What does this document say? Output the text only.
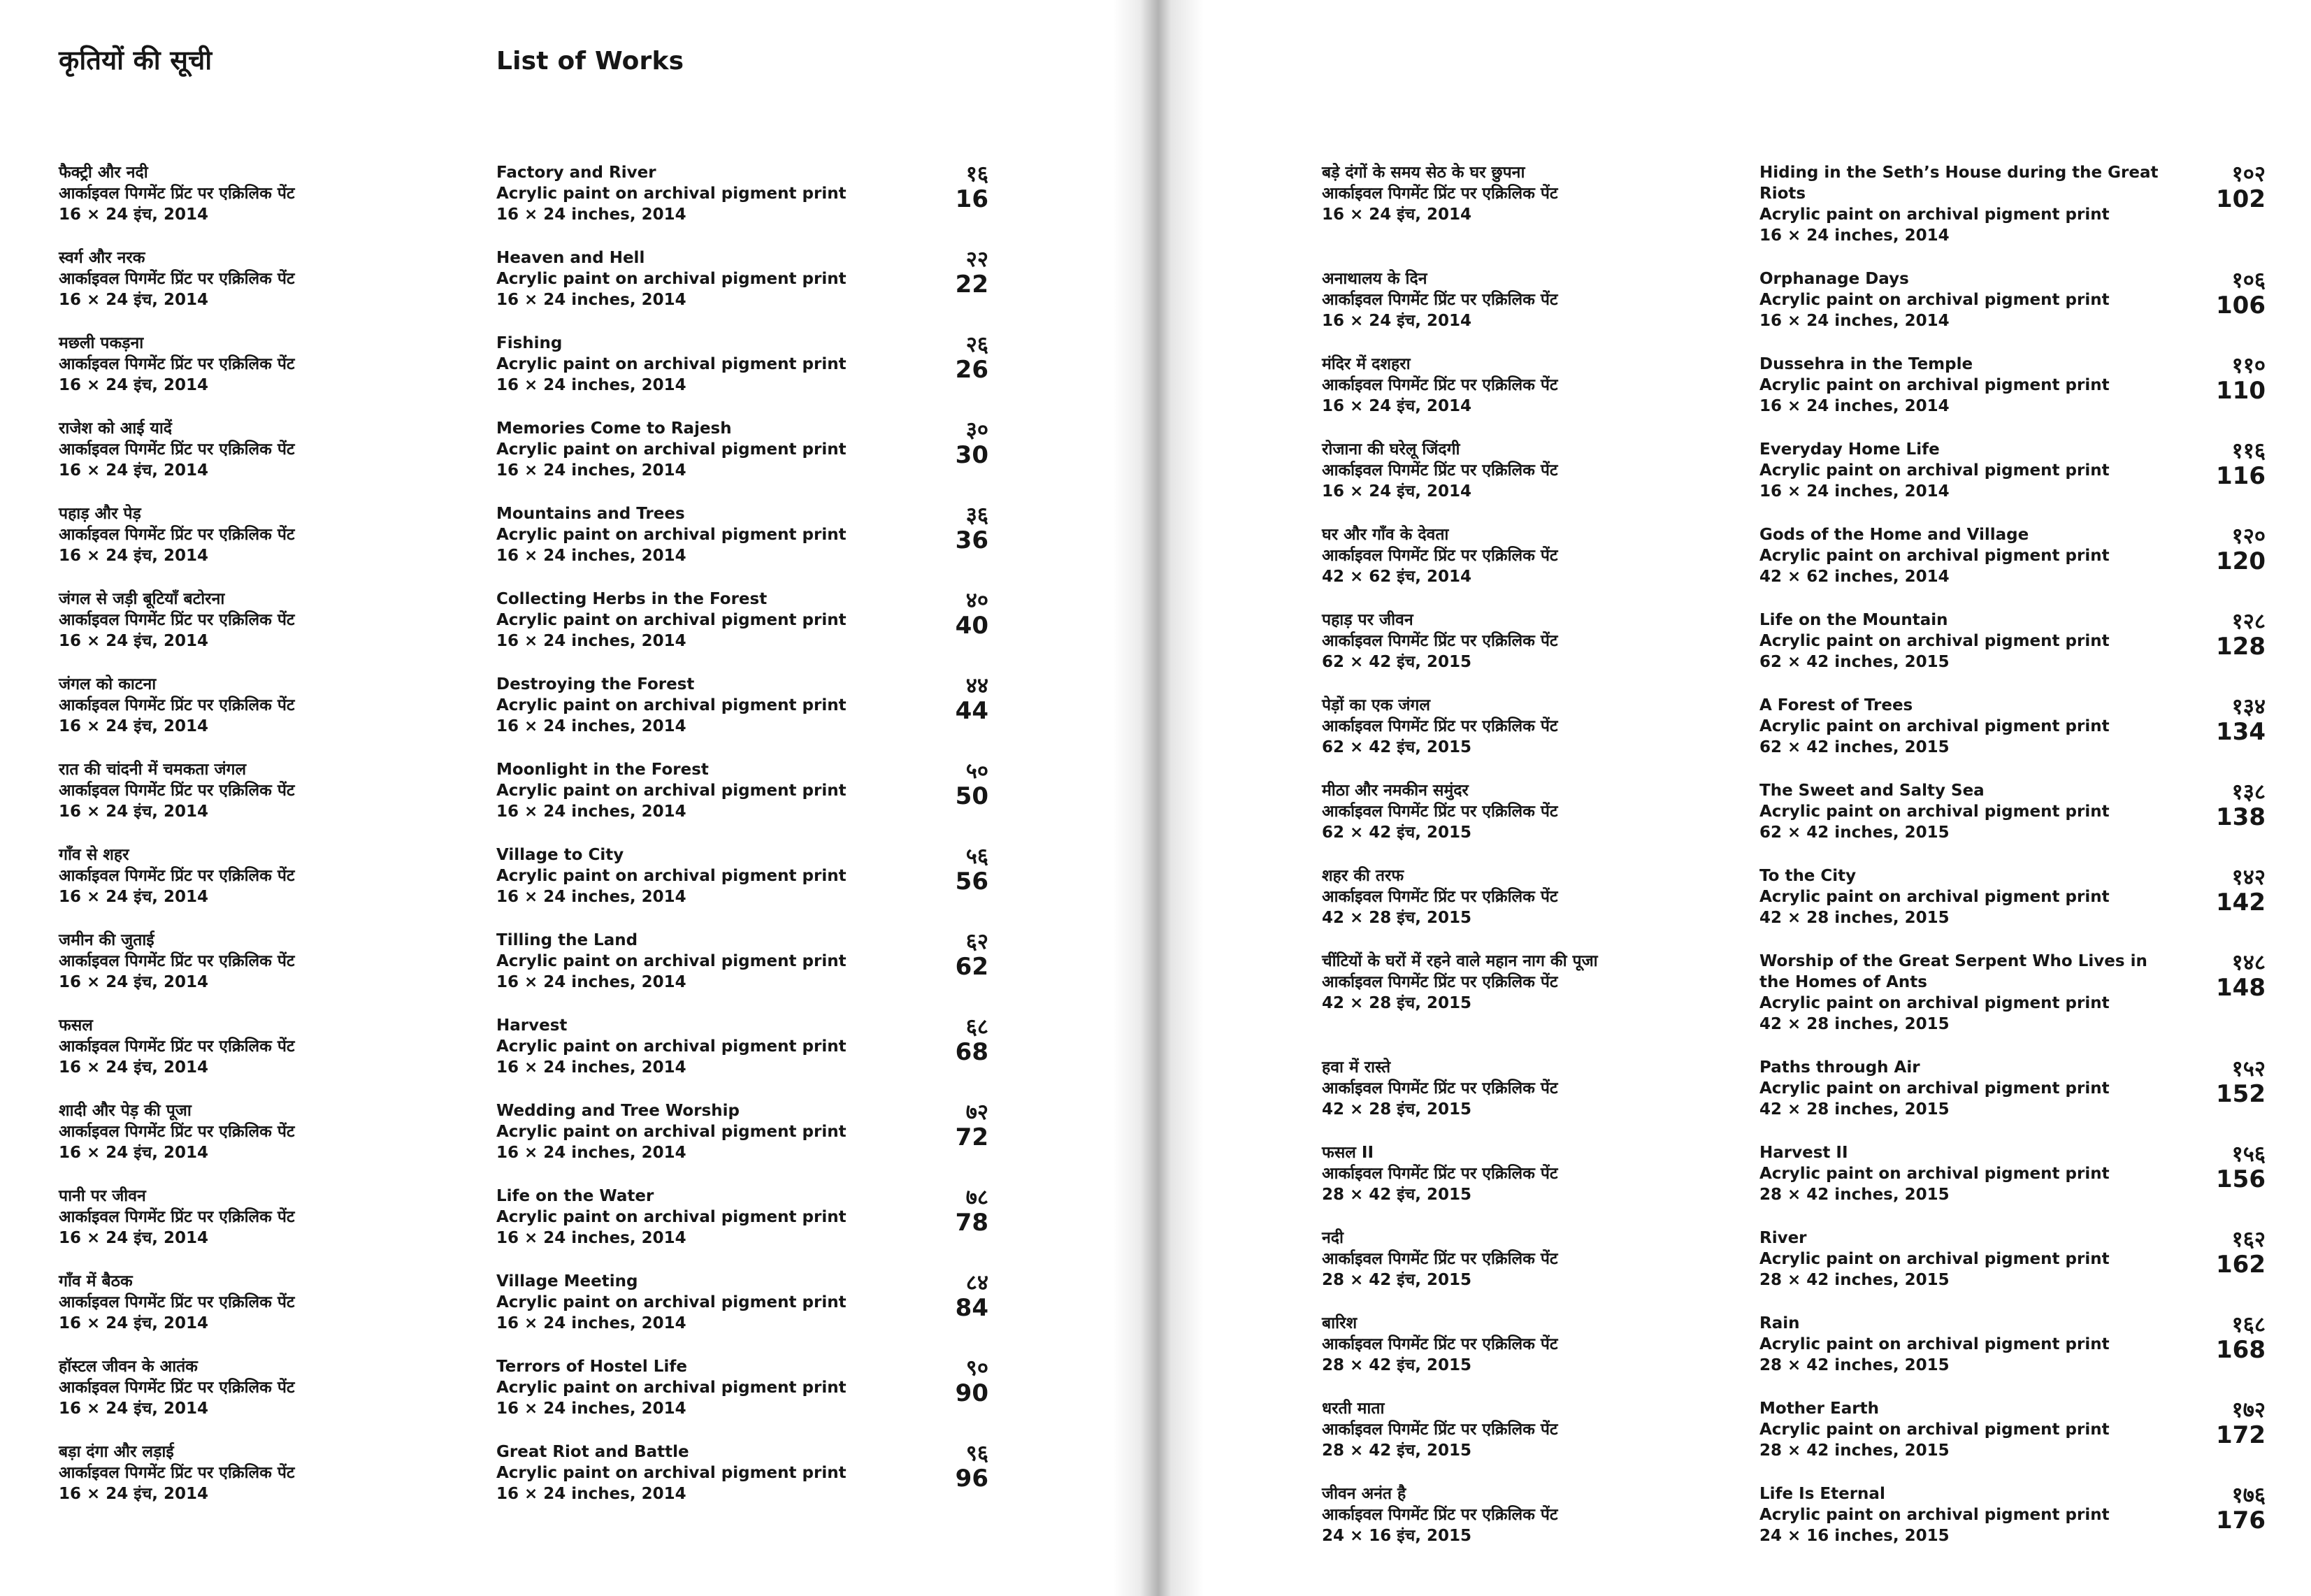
कृतियों की सूची	List of Works
फैक्ट्री और नदी
आर्काइवल पिगमेंट प्रिंट पर एक्रिलिक पेंट
16 × 24 इंच, 2014
Factory and River
Acrylic paint on archival pigment print
16 × 24 inches, 2014
१६
16
स्वर्ग और नरक
आर्काइवल पिगमेंट प्रिंट पर एक्रिलिक पेंट
16 × 24 इंच, 2014
Heaven and Hell
Acrylic paint on archival pigment print
16 × 24 inches, 2014
२२
22
मछली पकड़ना
आर्काइवल पिगमेंट प्रिंट पर एक्रिलिक पेंट
16 × 24 इंच, 2014
Fishing
Acrylic paint on archival pigment print
16 × 24 inches, 2014
२६
26
राजेश को आई यादें
आर्काइवल पिगमेंट प्रिंट पर एक्रिलिक पेंट
16 × 24 इंच, 2014
Memories Come to Rajesh
Acrylic paint on archival pigment print
16 × 24 inches, 2014
३०
30
पहाड़ और पेड़
आर्काइवल पिगमेंट प्रिंट पर एक्रिलिक पेंट
16 × 24 इंच, 2014
Mountains and Trees
Acrylic paint on archival pigment print
16 × 24 inches, 2014
३६
36
जंगल से जड़ी बूटियाँ बटोरना
आर्काइवल पिगमेंट प्रिंट पर एक्रिलिक पेंट
16 × 24 इंच, 2014
Collecting Herbs in the Forest
Acrylic paint on archival pigment print
16 × 24 inches, 2014
४०
40
जंगल को काटना
आर्काइवल पिगमेंट प्रिंट पर एक्रिलिक पेंट
16 × 24 इंच, 2014
Destroying the Forest
Acrylic paint on archival pigment print
16 × 24 inches, 2014
४४
44
रात की चांदनी में चमकता जंगल
आर्काइवल पिगमेंट प्रिंट पर एक्रिलिक पेंट
16 × 24 इंच, 2014
Moonlight in the Forest
Acrylic paint on archival pigment print
16 × 24 inches, 2014
५०
50
गाँव से शहर
आर्काइवल पिगमेंट प्रिंट पर एक्रिलिक पेंट
16 × 24 इंच, 2014
Village to City
Acrylic paint on archival pigment print
16 × 24 inches, 2014
५६
56
जमीन की जुताई
आर्काइवल पिगमेंट प्रिंट पर एक्रिलिक पेंट
16 × 24 इंच, 2014
Tilling the Land
Acrylic paint on archival pigment print
16 × 24 inches, 2014
६२
62
फसल
आर्काइवल पिगमेंट प्रिंट पर एक्रिलिक पेंट
16 × 24 इंच, 2014
Harvest
Acrylic paint on archival pigment print
16 × 24 inches, 2014
६८
68
शादी और पेड़ की पूजा
आर्काइवल पिगमेंट प्रिंट पर एक्रिलिक पेंट
16 × 24 इंच, 2014
Wedding and Tree Worship
Acrylic paint on archival pigment print
16 × 24 inches, 2014
७२
72
पानी पर जीवन
आर्काइवल पिगमेंट प्रिंट पर एक्रिलिक पेंट
16 × 24 इंच, 2014
Life on the Water
Acrylic paint on archival pigment print
16 × 24 inches, 2014
७८
78
गाँव में बैठक
आर्काइवल पिगमेंट प्रिंट पर एक्रिलिक पेंट
16 × 24 इंच, 2014
Village Meeting
Acrylic paint on archival pigment print
16 × 24 inches, 2014
८४
84
हॉस्टल जीवन के आतंक
आर्काइवल पिगमेंट प्रिंट पर एक्रिलिक पेंट
16 × 24 इंच, 2014
Terrors of Hostel Life
Acrylic paint on archival pigment print
16 × 24 inches, 2014
९०
90
बड़ा दंगा और लड़ाई
आर्काइवल पिगमेंट प्रिंट पर एक्रिलिक पेंट
16 × 24 इंच, 2014
Great Riot and Battle
Acrylic paint on archival pigment print
16 × 24 inches, 2014
९६
96
बड़े दंगों के समय सेठ के घर छुपना
आर्काइवल पिगमेंट प्रिंट पर एक्रिलिक पेंट
16 × 24 इंच, 2014
Hiding in the Seth’s House during the Great Riots
Acrylic paint on archival pigment print
16 × 24 inches, 2014
१०२
102
अनाथालय के दिन
आर्काइवल पिगमेंट प्रिंट पर एक्रिलिक पेंट
16 × 24 इंच, 2014
Orphanage Days
Acrylic paint on archival pigment print
16 × 24 inches, 2014
१०६
106
मंदिर में दशहरा
आर्काइवल पिगमेंट प्रिंट पर एक्रिलिक पेंट
16 × 24 इंच, 2014
Dussehra in the Temple
Acrylic paint on archival pigment print
16 × 24 inches, 2014
११०
110
रोजाना की घरेलू जिंदगी
आर्काइवल पिगमेंट प्रिंट पर एक्रिलिक पेंट
16 × 24 इंच, 2014
Everyday Home Life
Acrylic paint on archival pigment print
16 × 24 inches, 2014
११६
116
घर और गाँव के देवता
आर्काइवल पिगमेंट प्रिंट पर एक्रिलिक पेंट
42 × 62 इंच, 2014
Gods of the Home and Village
Acrylic paint on archival pigment print
42 × 62 inches, 2014
१२०
120
पहाड़ पर जीवन
आर्काइवल पिगमेंट प्रिंट पर एक्रिलिक पेंट
62 × 42 इंच, 2015
Life on the Mountain
Acrylic paint on archival pigment print
62 × 42 inches, 2015
१२८
128
पेड़ों का एक जंगल
आर्काइवल पिगमेंट प्रिंट पर एक्रिलिक पेंट
62 × 42 इंच, 2015
A Forest of Trees
Acrylic paint on archival pigment print
62 × 42 inches, 2015
१३४
134
मीठा और नमकीन समुंदर
आर्काइवल पिगमेंट प्रिंट पर एक्रिलिक पेंट
62 × 42 इंच, 2015
The Sweet and Salty Sea
Acrylic paint on archival pigment print
62 × 42 inches, 2015
१३८
138
शहर की तरफ
आर्काइवल पिगमेंट प्रिंट पर एक्रिलिक पेंट
42 × 28 इंच, 2015
To the City
Acrylic paint on archival pigment print
42 × 28 inches, 2015
१४२
142
चींटियों के घरों में रहने वाले महान नाग की पूजा
आर्काइवल पिगमेंट प्रिंट पर एक्रिलिक पेंट
42 × 28 इंच, 2015
Worship of the Great Serpent Who Lives in the Homes of Ants
Acrylic paint on archival pigment print
42 × 28 inches, 2015
१४८
148
हवा में रास्ते
आर्काइवल पिगमेंट प्रिंट पर एक्रिलिक पेंट
42 × 28 इंच, 2015
Paths through Air
Acrylic paint on archival pigment print
42 × 28 inches, 2015
१५२
152
फसल II
आर्काइवल पिगमेंट प्रिंट पर एक्रिलिक पेंट
28 × 42 इंच, 2015
Harvest II
Acrylic paint on archival pigment print
28 × 42 inches, 2015
१५६
156
नदी
आर्काइवल पिगमेंट प्रिंट पर एक्रिलिक पेंट
28 × 42 इंच, 2015
River
Acrylic paint on archival pigment print
28 × 42 inches, 2015
१६२
162
बारिश
आर्काइवल पिगमेंट प्रिंट पर एक्रिलिक पेंट
28 × 42 इंच, 2015
Rain
Acrylic paint on archival pigment print
28 × 42 inches, 2015
१६८
168
धरती माता
आर्काइवल पिगमेंट प्रिंट पर एक्रिलिक पेंट
28 × 42 इंच, 2015
Mother Earth
Acrylic paint on archival pigment print
28 × 42 inches, 2015
१७२
172
जीवन अनंत है
आर्काइवल पिगमेंट प्रिंट पर एक्रिलिक पेंट
24 × 16 इंच, 2015
Life Is Eternal
Acrylic paint on archival pigment print
24 × 16 inches, 2015
१७६
176
